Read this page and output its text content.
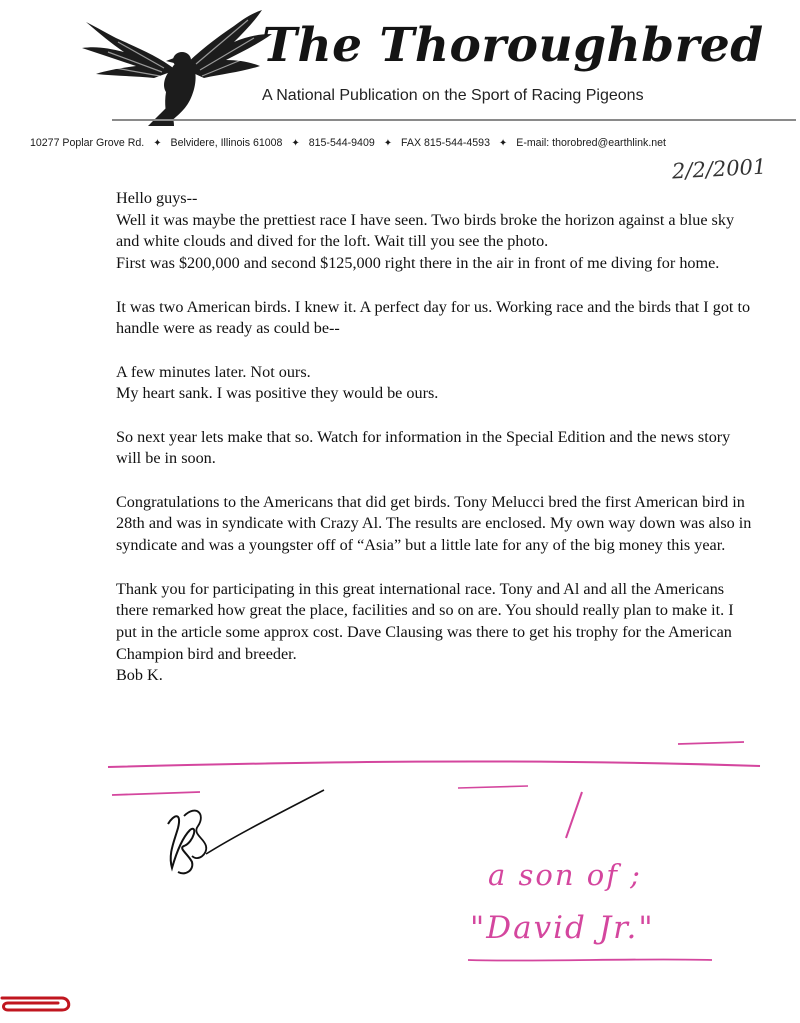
The Thoroughbred
A National Publication on the Sport of Racing Pigeons
10277 Poplar Grove Rd. ✦ Belvidere, Illinois 61008 ✦ 815-544-9409 ✦ FAX 815-544-4593 ✦ E-mail: thorobred@earthlink.net
2/2/2001

Hello guys--

Well it was maybe the prettiest race I have seen. Two birds broke the horizon against a blue sky and white clouds and dived for the loft. Wait till you see the photo.

First was $200,000 and second $125,000 right there in the air in front of me diving for home.

It was two American birds. I knew it. A perfect day for us. Working race and the birds that I got to handle were as ready as could be--

A few minutes later. Not ours.

My heart sank. I was positive they would be ours.

So next year lets make that so. Watch for information in the Special Edition and the news story will be in soon.

Congratulations to the Americans that did get birds. Tony Melucci bred the first American bird in 28th and was in syndicate with Crazy Al. The results are enclosed. My own way down was also in syndicate and was a youngster off of “Asia” but a little late for any of the big money this year.

Thank you for participating in this great international race. Tony and Al and all the Americans there remarked how great the place, facilities and so on are. You should really plan to make it. I put in the article some approx cost. Dave Clausing was there to get his trophy for the American Champion bird and breeder.

Bob K.

a son of ;
"David Jr."
